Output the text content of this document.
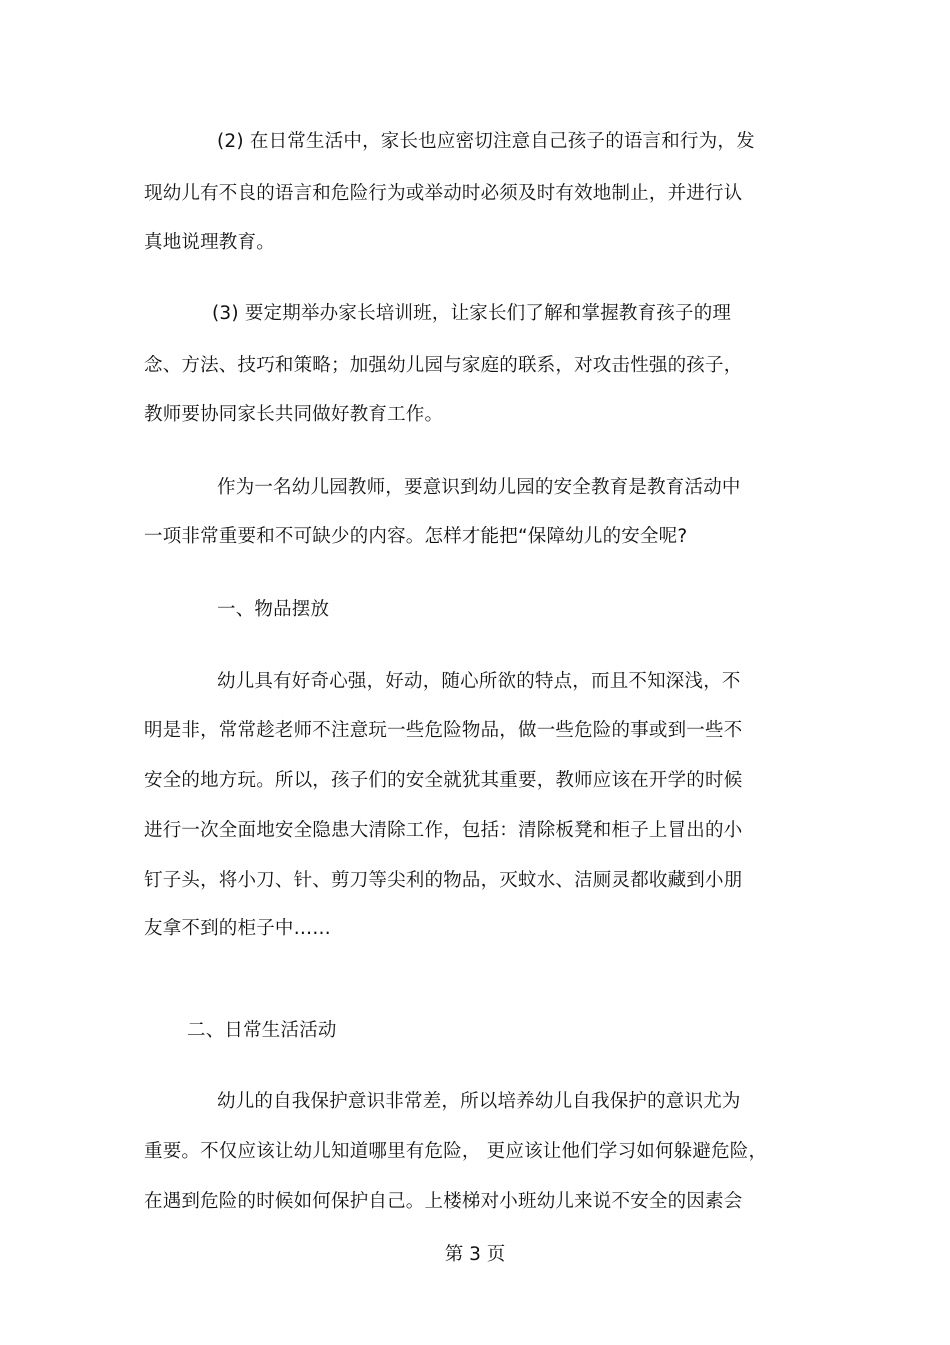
(2) 在日常生活中，家长也应密切注意自己孩子的语言和行为，发
现幼儿有不良的语言和危险行为或举动时必须及时有效地制止，并进行认
真地说理教育。
(3) 要定期举办家长培训班，让家长们了解和掌握教育孩子的理
念、方法、技巧和策略；加强幼儿园与家庭的联系，对攻击性强的孩子，
教师要协同家长共同做好教育工作。
作为一名幼儿园教师，要意识到幼儿园的安全教育是教育活动中
一项非常重要和不可缺少的内容。怎样才能把“保障幼儿的安全呢?
一、物品摆放
幼儿具有好奇心强，好动，随心所欲的特点，而且不知深浅，不
明是非，常常趁老师不注意玩一些危险物品，做一些危险的事或到一些不
安全的地方玩。所以，孩子们的安全就犹其重要，教师应该在开学的时候
进行一次全面地安全隐患大清除工作，包括：清除板凳和柜子上冒出的小
钉子头，将小刀、针、剪刀等尖利的物品，灭蚊水、洁厕灵都收藏到小朋
友拿不到的柜子中……
二、日常生活活动
幼儿的自我保护意识非常差，所以培养幼儿自我保护的意识尤为
重要。不仅应该让幼儿知道哪里有危险， 更应该让他们学习如何躲避危险，
在遇到危险的时候如何保护自己。上楼梯对小班幼儿来说不安全的因素会
第 3 页
